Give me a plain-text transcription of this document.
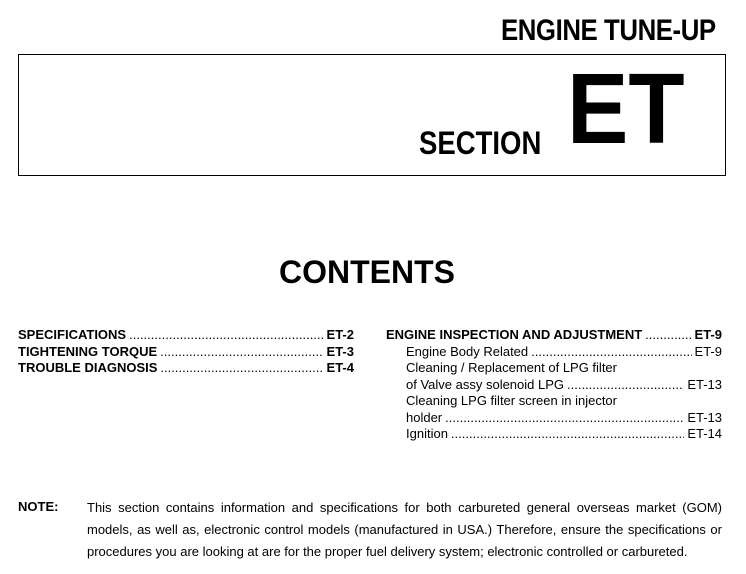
ENGINE TUNE-UP
SECTION ET
CONTENTS
SPECIFICATIONS .....	ET-2
TIGHTENING TORQUE .....	ET-3
TROUBLE DIAGNOSIS .....	ET-4
ENGINE INSPECTION AND ADJUSTMENT .....	ET-9
Engine Body Related .....	ET-9
Cleaning / Replacement of LPG filter
of Valve assy solenoid LPG .....	ET-13
Cleaning LPG filter screen in injector
holder .....	ET-13
Ignition .....	ET-14
NOTE: This section contains information and specifications for both carbureted general overseas market (GOM) models, as well as, electronic control models (manufactured in USA.) Therefore, ensure the specifications or procedures you are looking at are for the proper fuel delivery system; electronic controlled or carbureted.
